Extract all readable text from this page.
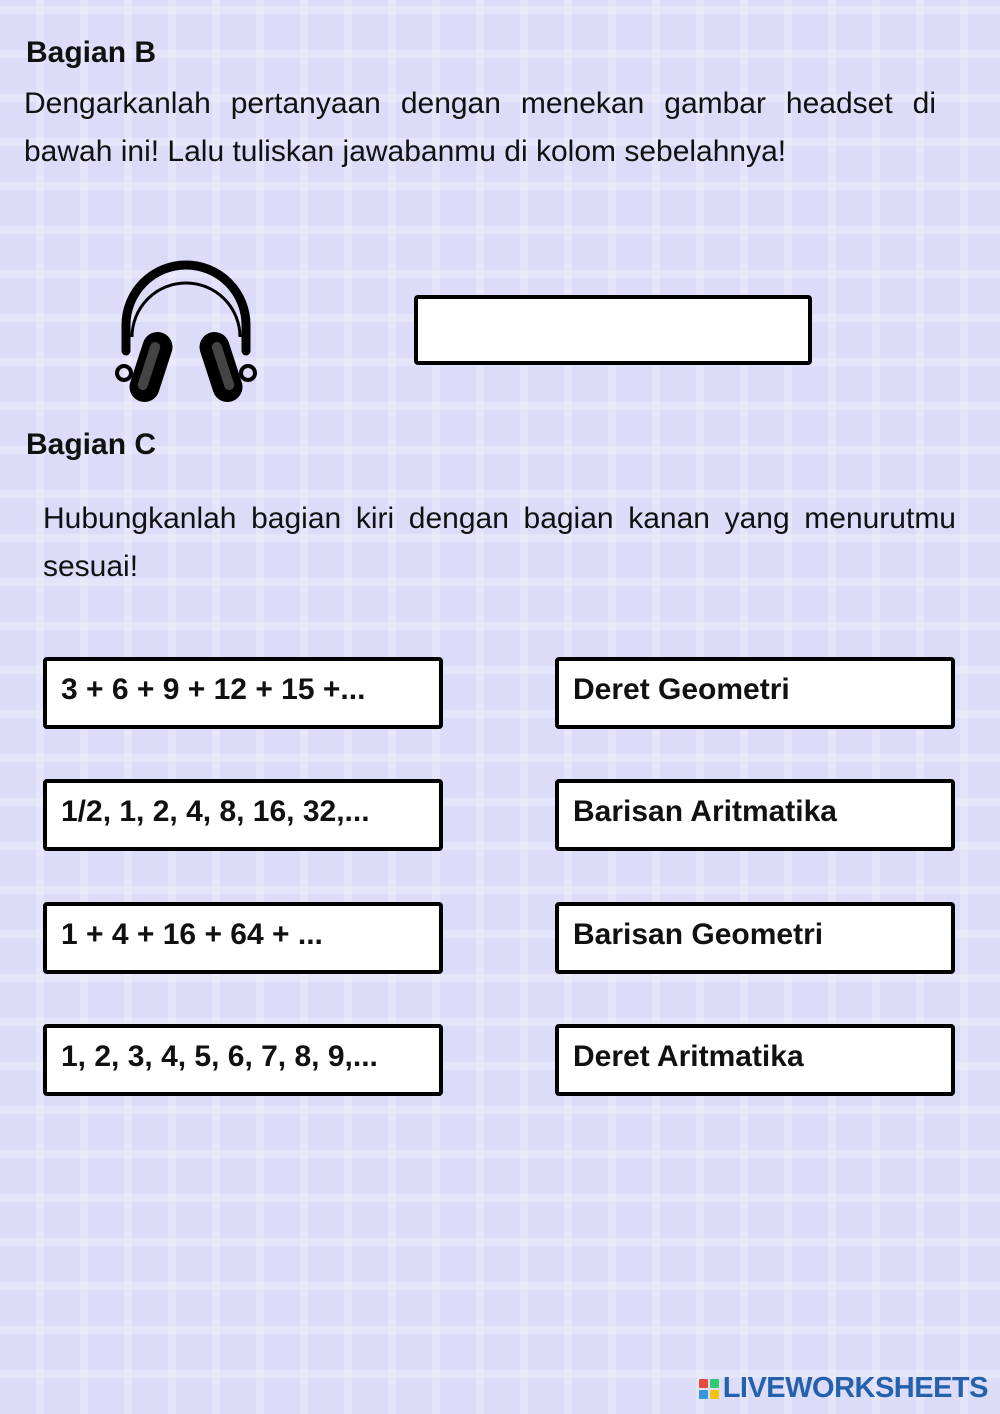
Bagian B

Dengarkanlah pertanyaan dengan menekan gambar headset di bawah ini! Lalu tuliskan jawabanmu di kolom sebelahnya!

Bagian C

Hubungkanlah bagian kiri dengan bagian kanan yang menurutmu sesuai!

3 + 6 + 9 + 12 + 15 +...
1/2, 1, 2, 4, 8, 16, 32,...
1 + 4 + 16 + 64 + ...
1, 2, 3, 4, 5, 6, 7, 8, 9,...
Deret Geometri
Barisan Aritmatika
Barisan Geometri
Deret Aritmatika
LIVEWORKSHEETS
